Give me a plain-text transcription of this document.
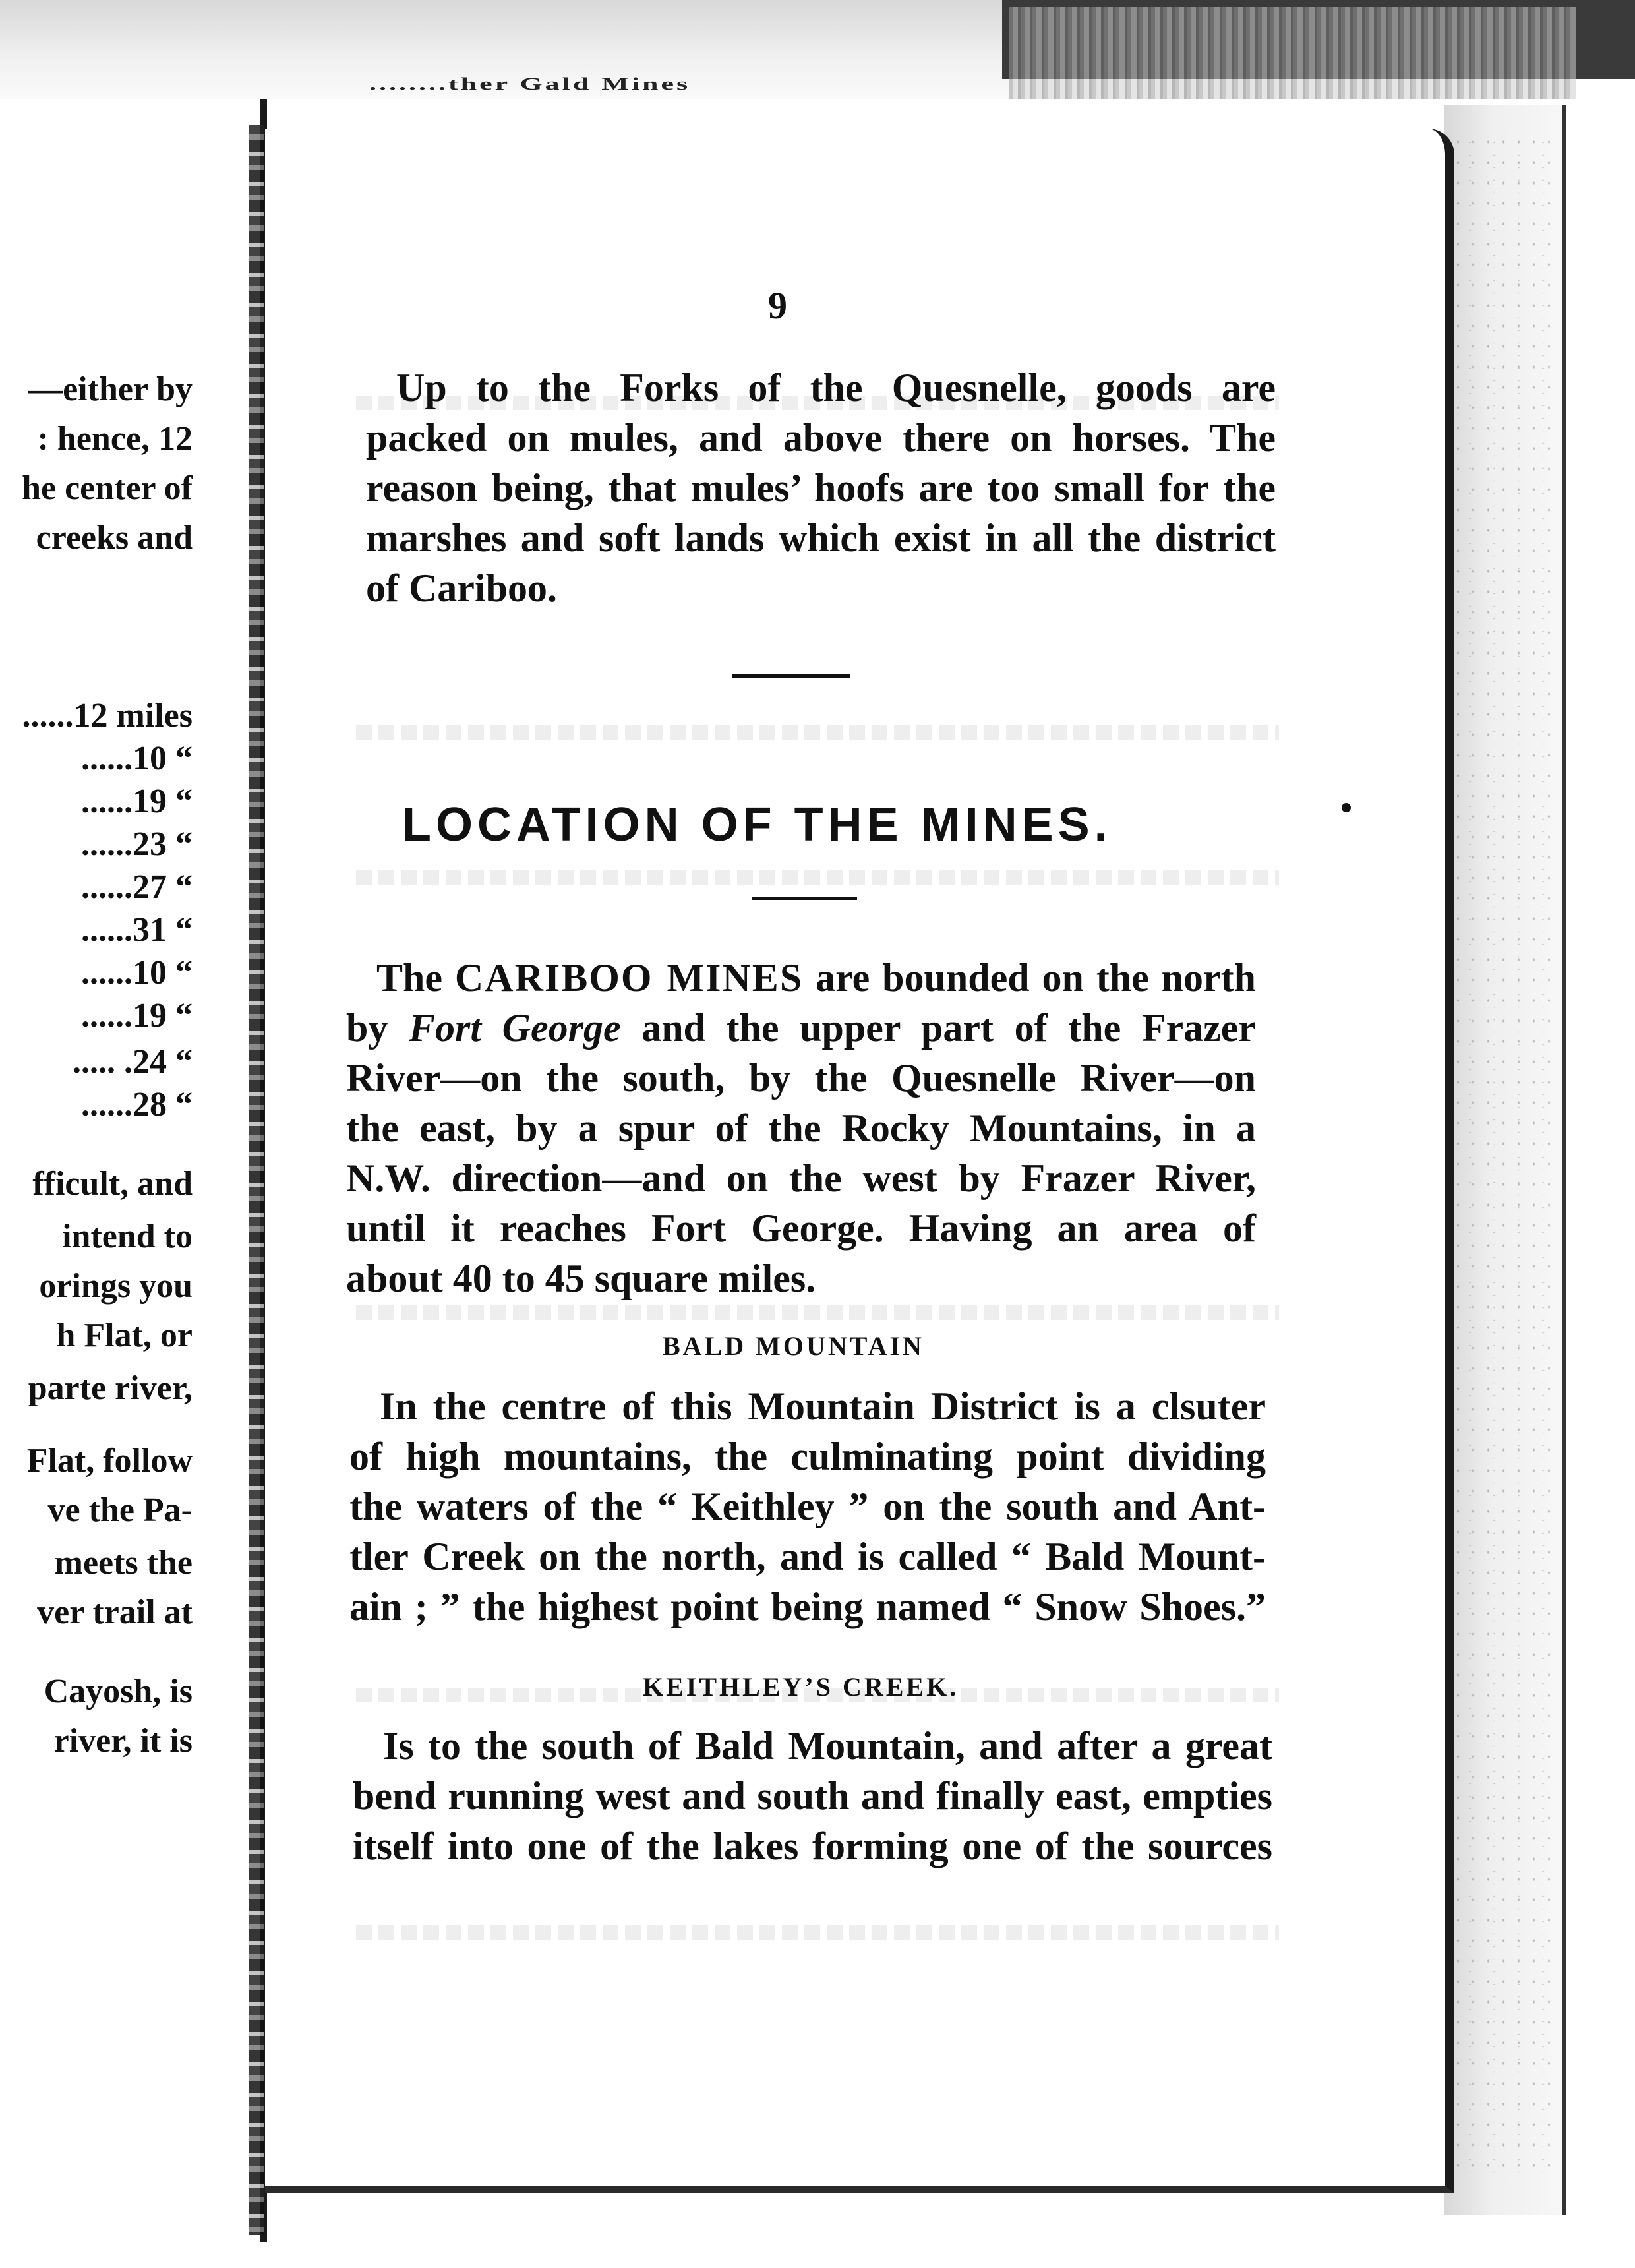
........ther Gald Mines
—either by
: hence, 12
he center of
creeks and
......12 miles
......10 “
......19 “
......23 “
......27 “
......31 “
......10 “
......19 “
..... .24 “
......28 “
fficult, and
intend to
orings you
h Flat, or
parte river,
Flat, follow
ve the Pa-
meets the
ver trail at
Cayosh, is
river, it is
9
Up to the Forks of the Quesnelle, goods are
packed on mules, and above there on horses. The
reason being, that mules’ hoofs are too small for the
marshes and soft lands which exist in all the district
of Cariboo.
LOCATION OF THE MINES.
The CARIBOO MINES are bounded on the north
by Fort George and the upper part of the Frazer
River—on the south, by the Quesnelle River—on
the east, by a spur of the Rocky Mountains, in a
N.W. direction—and on the west by Frazer River,
until it reaches Fort George. Having an area of
about 40 to 45 square miles.
BALD MOUNTAIN
In the centre of this Mountain District is a clsuter
of high mountains, the culminating point dividing
the waters of the “ Keithley ” on the south and Ant-
tler Creek on the north, and is called “ Bald Mount-
ain ; ” the highest point being named “ Snow Shoes.”
KEITHLEY’S CREEK.
Is to the south of Bald Mountain, and after a great
bend running west and south and finally east, empties
itself into one of the lakes forming one of the sources
